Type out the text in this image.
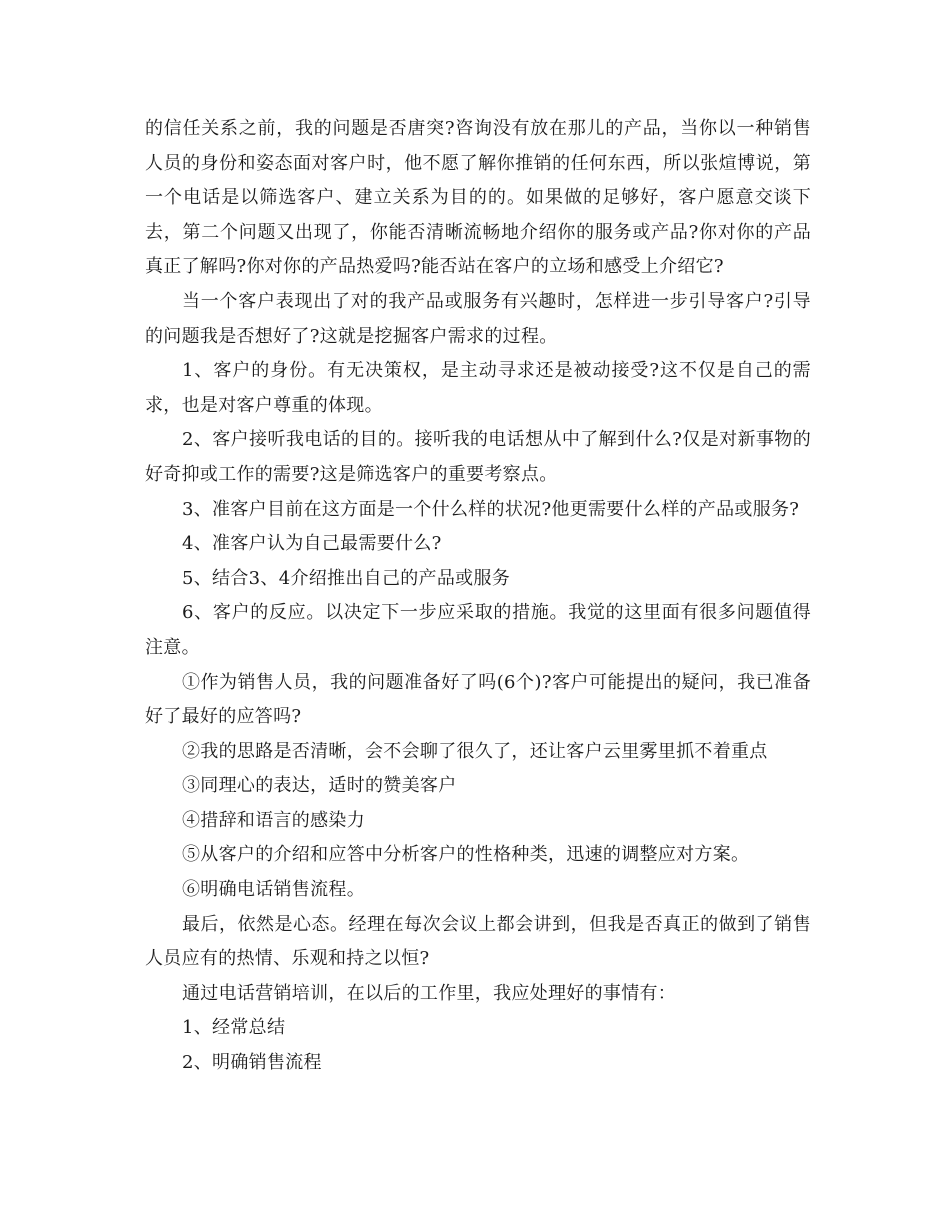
的信任关系之前，我的问题是否唐突?咨询没有放在那儿的产品，当你以一种销售人员的身份和姿态面对客户时，他不愿了解你推销的任何东西，所以张煊博说，第一个电话是以筛选客户、建立关系为目的的。如果做的足够好，客户愿意交谈下去，第二个问题又出现了，你能否清晰流畅地介绍你的服务或产品?你对你的产品真正了解吗?你对你的产品热爱吗?能否站在客户的立场和感受上介绍它?

当一个客户表现出了对的我产品或服务有兴趣时，怎样进一步引导客户?引导的问题我是否想好了?这就是挖掘客户需求的过程。

1、客户的身份。有无决策权，是主动寻求还是被动接受?这不仅是自己的需求，也是对客户尊重的体现。

2、客户接听我电话的目的。接听我的电话想从中了解到什么?仅是对新事物的好奇抑或工作的需要?这是筛选客户的重要考察点。

3、准客户目前在这方面是一个什么样的状况?他更需要什么样的产品或服务?

4、准客户认为自己最需要什么?

5、结合3、4介绍推出自己的产品或服务

6、客户的反应。以决定下一步应采取的措施。我觉的这里面有很多问题值得注意。

①作为销售人员，我的问题准备好了吗(6个)?客户可能提出的疑问，我已准备好了最好的应答吗?

②我的思路是否清晰，会不会聊了很久了，还让客户云里雾里抓不着重点

③同理心的表达，适时的赞美客户

④措辞和语言的感染力

⑤从客户的介绍和应答中分析客户的性格种类，迅速的调整应对方案。

⑥明确电话销售流程。

最后，依然是心态。经理在每次会议上都会讲到，但我是否真正的做到了销售人员应有的热情、乐观和持之以恒?

通过电话营销培训，在以后的工作里，我应处理好的事情有：

1、经常总结

2、明确销售流程
